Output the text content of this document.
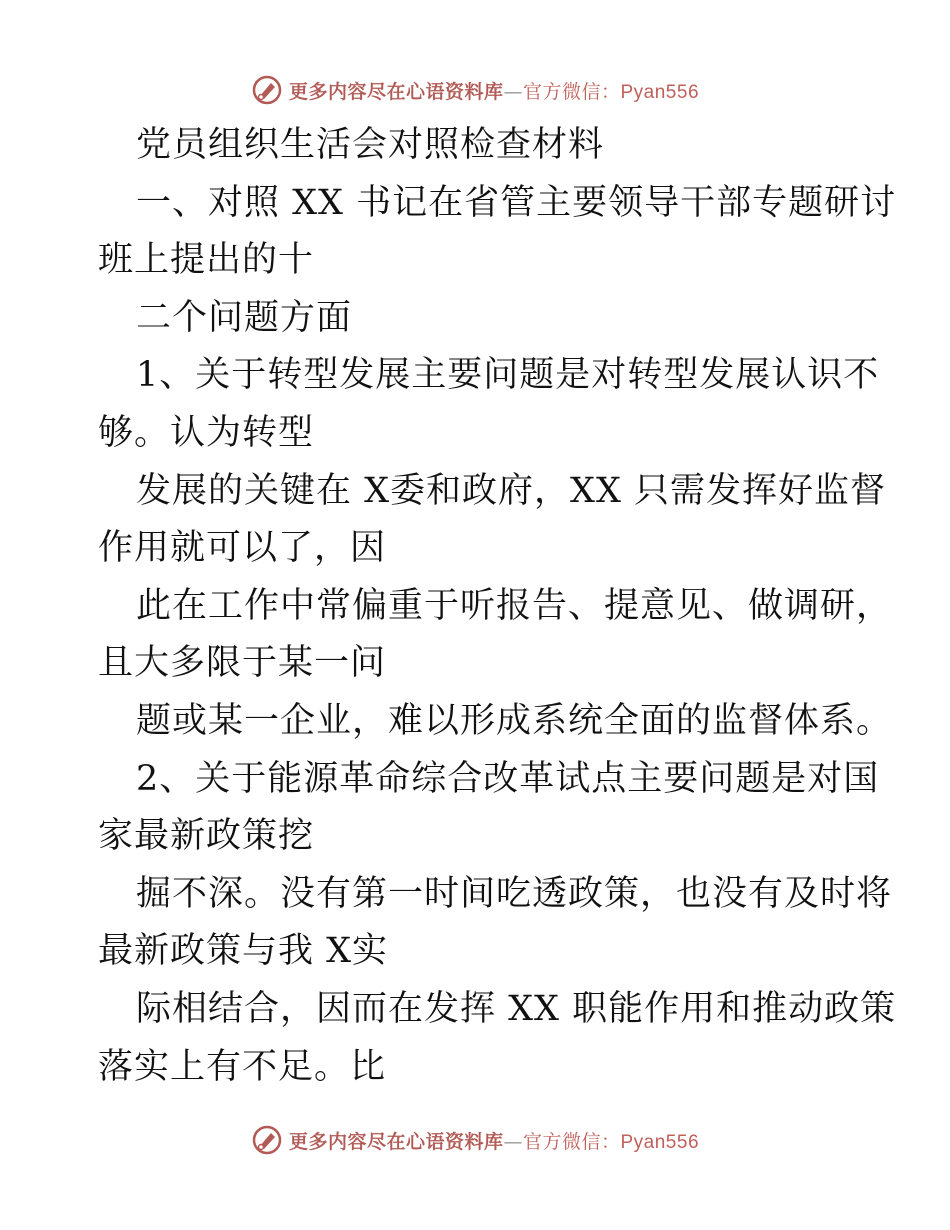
更多内容尽在心语资料库—官方微信：Pyan556
党员组织生活会对照检查材料
一、对照 XX 书记在省管主要领导干部专题研讨
班上提出的十
二个问题方面
1、关于转型发展主要问题是对转型发展认识不
够。认为转型
发展的关键在 X委和政府，XX 只需发挥好监督
作用就可以了，因
此在工作中常偏重于听报告、提意见、做调研，
且大多限于某一问
题或某一企业，难以形成系统全面的监督体系。
2、关于能源革命综合改革试点主要问题是对国
家最新政策挖
掘不深。没有第一时间吃透政策，也没有及时将
最新政策与我 X实
际相结合，因而在发挥 XX 职能作用和推动政策
落实上有不足。比
更多内容尽在心语资料库—官方微信：Pyan556
